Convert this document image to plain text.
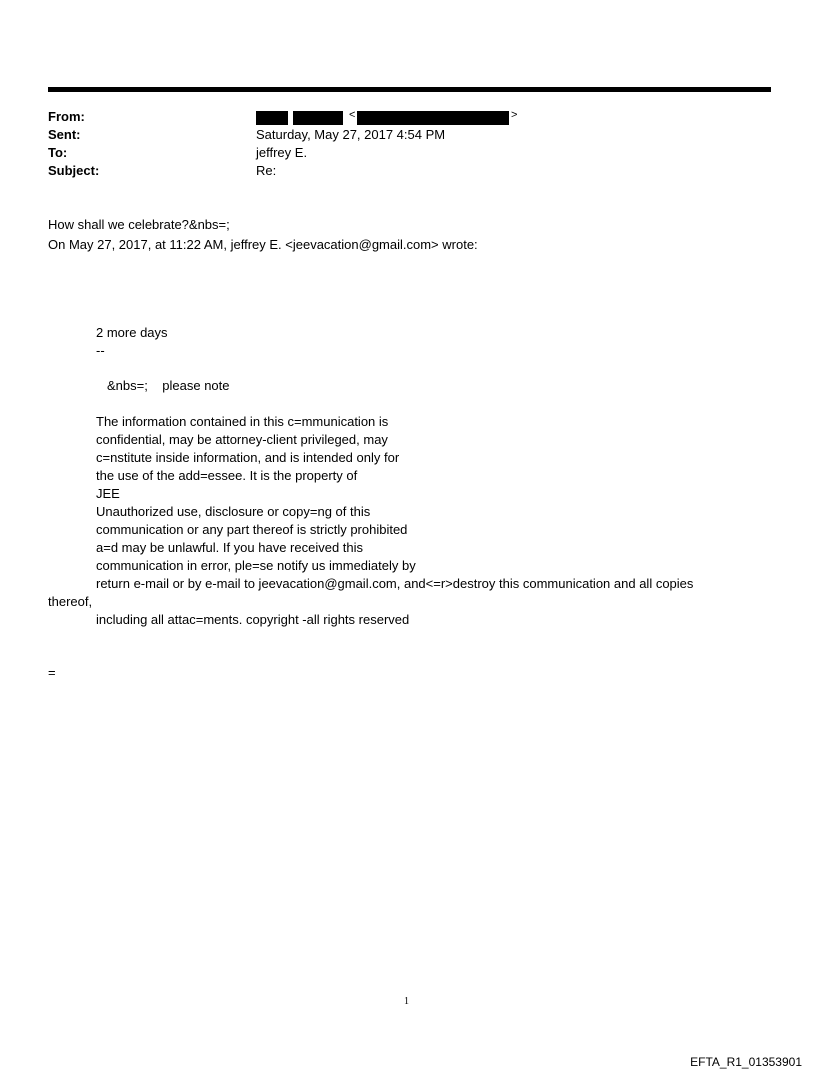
From:
Sent:
To:
Subject:
<	>
Saturday, May 27, 2017 4:54 PM
jeffrey E.
Re:
How shall we celebrate?&nbs=;
On May 27, 2017, at 11:22 AM, jeffrey E. <jeevacation@gmail.com> wrote:
2 more days
--
&nbs=;    please note
The information contained in this c=mmunication is
confidential, may be attorney-client privileged, may
c=nstitute inside information, and is intended only for
the use of the add=essee. It is the property of
JEE
Unauthorized use, disclosure or copy=ng of this
communication or any part thereof is strictly prohibited
a=d may be unlawful. If you have received this
communication in error, ple=se notify us immediately by
return e-mail or by e-mail to jeevacation@gmail.com, and<=r>destroy this communication and all copies
thereof,
including all attac=ments. copyright -all rights reserved
=
1
EFTA_R1_01353901
